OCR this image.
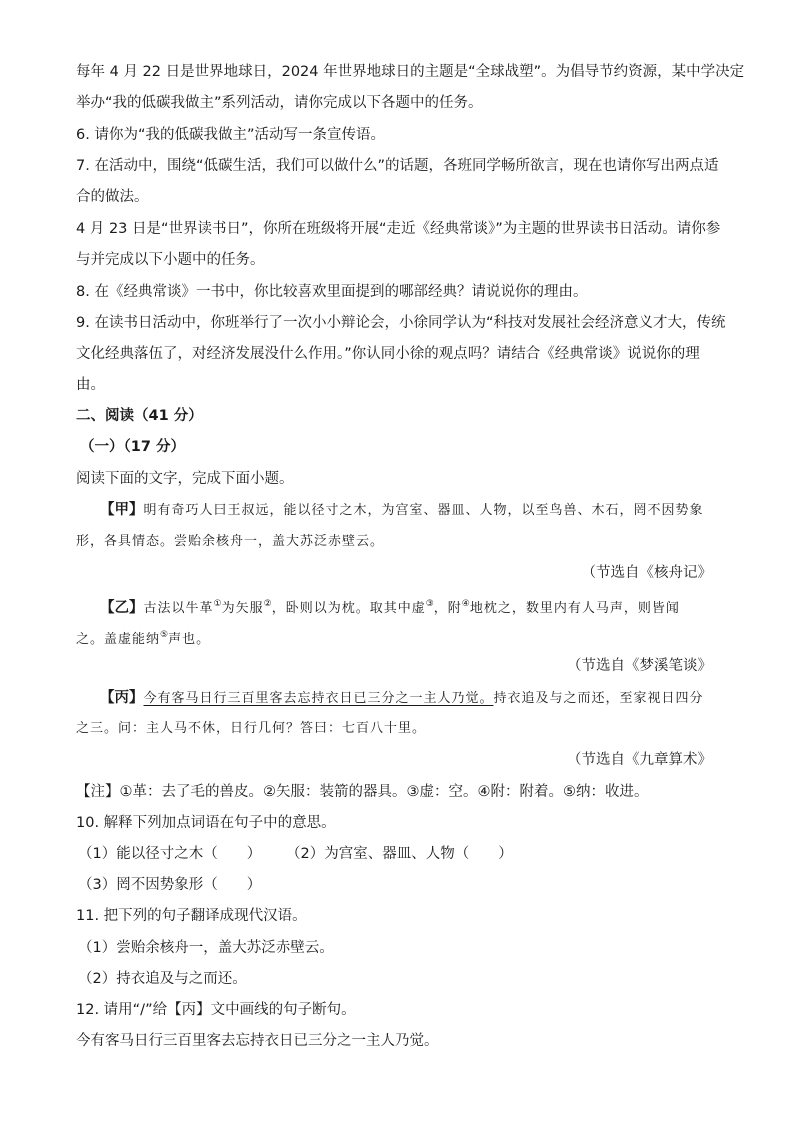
每年 4 月 22 日是世界地球日，2024 年世界地球日的主题是“全球战塑”。为倡导节约资源，某中学决定
举办“我的低碳我做主”系列活动，请你完成以下各题中的任务。
6. 请你为“我的低碳我做主”活动写一条宣传语。
7. 在活动中，围绕“低碳生活，我们可以做什么”的话题，各班同学畅所欲言，现在也请你写出两点适
合的做法。
4 月 23 日是“世界读书日”，你所在班级将开展“走近《经典常谈》”为主题的世界读书日活动。请你参
与并完成以下小题中的任务。
8. 在《经典常谈》一书中，你比较喜欢里面提到的哪部经典？请说说你的理由。
9. 在读书日活动中，你班举行了一次小小辩论会，小徐同学认为“科技对发展社会经济意义才大，传统
文化经典落伍了，对经济发展没什么作用。”你认同小徐的观点吗？请结合《经典常谈》说说你的理
由。
二、阅读（41 分）
（一）（17 分）
阅读下面的文字，完成下面小题。
【甲】明有奇巧人曰王叔远，能以径寸之木，为宫室、器皿、人物，以至鸟兽、木石，罔不因势象
形，各具情态。尝贻余核舟一，盖大苏泛赤壁云。
（节选自《核舟记》
【乙】古法以牛革①为矢服②，卧则以为枕。取其中虚③，附④地枕之，数里内有人马声，则皆闻
之。盖虚能纳⑤声也。
（节选自《梦溪笔谈》
【丙】今有客马日行三百里客去忘持衣日已三分之一主人乃觉。持衣追及与之而还，至家视日四分
之三。问：主人马不休，日行几何？答曰：七百八十里。
（节选自《九章算术》
【注】①革：去了毛的兽皮。②矢服：装箭的器具。③虚：空。④附：附着。⑤纳：收进。
10. 解释下列加点词语在句子中的意思。
（1）能以径寸之木（　　） （2）为宫室、器皿、人物（　　）
（3）罔不因势象形（　　）
11. 把下列的句子翻译成现代汉语。
（1）尝贻余核舟一，盖大苏泛赤壁云。
（2）持衣追及与之而还。
12. 请用“/”给【丙】文中画线的句子断句。
今有客马日行三百里客去忘持衣日已三分之一主人乃觉。
